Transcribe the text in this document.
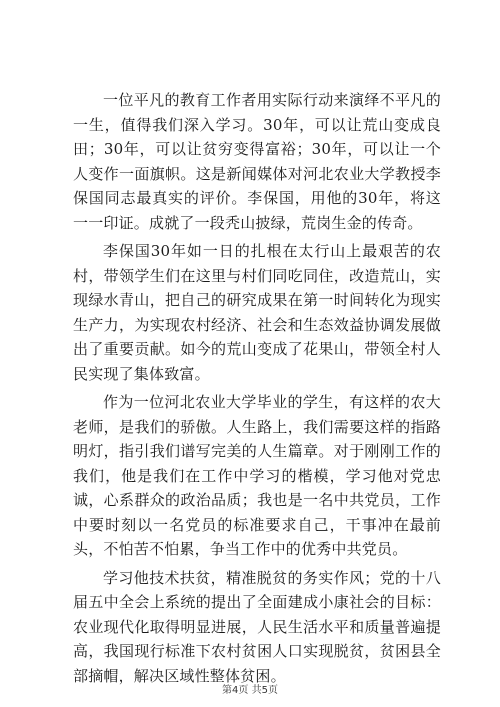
一位平凡的教育工作者用实际行动来演绎不平凡的一生，值得我们深入学习。30年，可以让荒山变成良田；30年，可以让贫穷变得富裕；30年，可以让一个人变作一面旗帜。这是新闻媒体对河北农业大学教授李保国同志最真实的评价。李保国，用他的30年，将这一一印证。成就了一段秃山披绿，荒岗生金的传奇。

李保国30年如一日的扎根在太行山上最艰苦的农村，带领学生们在这里与村们同吃同住，改造荒山，实现绿水青山，把自己的研究成果在第一时间转化为现实生产力，为实现农村经济、社会和生态效益协调发展做出了重要贡献。如今的荒山变成了花果山，带领全村人民实现了集体致富。

作为一位河北农业大学毕业的学生，有这样的农大老师，是我们的骄傲。人生路上，我们需要这样的指路明灯，指引我们谱写完美的人生篇章。对于刚刚工作的我们，他是我们在工作中学习的楷模，学习他对党忠诚，心系群众的政治品质；我也是一名中共党员，工作中要时刻以一名党员的标准要求自己，干事冲在最前头，不怕苦不怕累，争当工作中的优秀中共党员。

学习他技术扶贫，精准脱贫的务实作风；党的十八届五中全会上系统的提出了全面建成小康社会的目标：农业现代化取得明显进展，人民生活水平和质量普遍提高，我国现行标准下农村贫困人口实现脱贫，贫困县全部摘帽，解决区域性整体贫困。

第4页 共5页
